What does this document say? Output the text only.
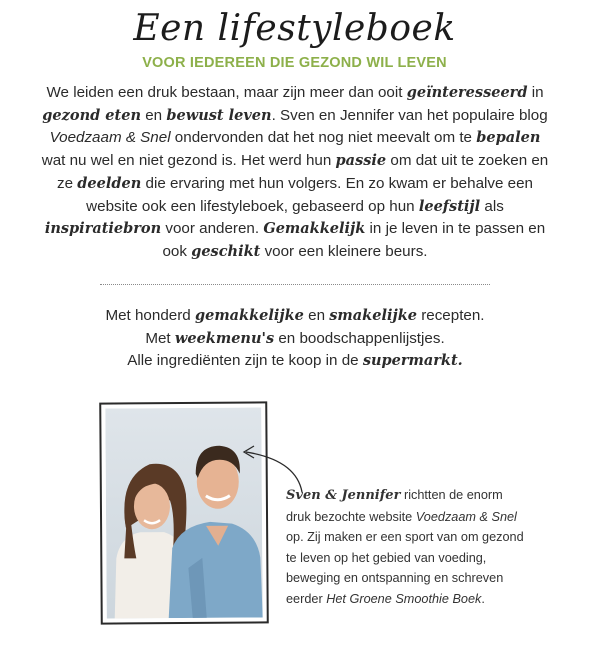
Een lifestyleboek
VOOR IEDEREEN DIE GEZOND WIL LEVEN
We leiden een druk bestaan, maar zijn meer dan ooit geïnteresseerd in gezond eten en bewust leven. Sven en Jennifer van het populaire blog Voedzaam & Snel ondervonden dat het nog niet meevalt om te bepalen wat nu wel en niet gezond is. Het werd hun passie om dat uit te zoeken en ze deelden die ervaring met hun volgers. En zo kwam er behalve een website ook een lifestyleboek, gebaseerd op hun leefstijl als inspiratiebron voor anderen. Gemakkelijk in je leven in te passen en ook geschikt voor een kleinere beurs.
Met honderd gemakkelijke en smakelijke recepten.
Met weekmenu's en boodschappenlijstjes.
Alle ingrediënten zijn te koop in de supermarkt.
Sven & Jennifer richtten de enorm druk bezochte website Voedzaam & Snel op. Zij maken er een sport van om gezond te leven op het gebied van voeding, beweging en ontspanning en schreven eerder Het Groene Smoothie Boek.
